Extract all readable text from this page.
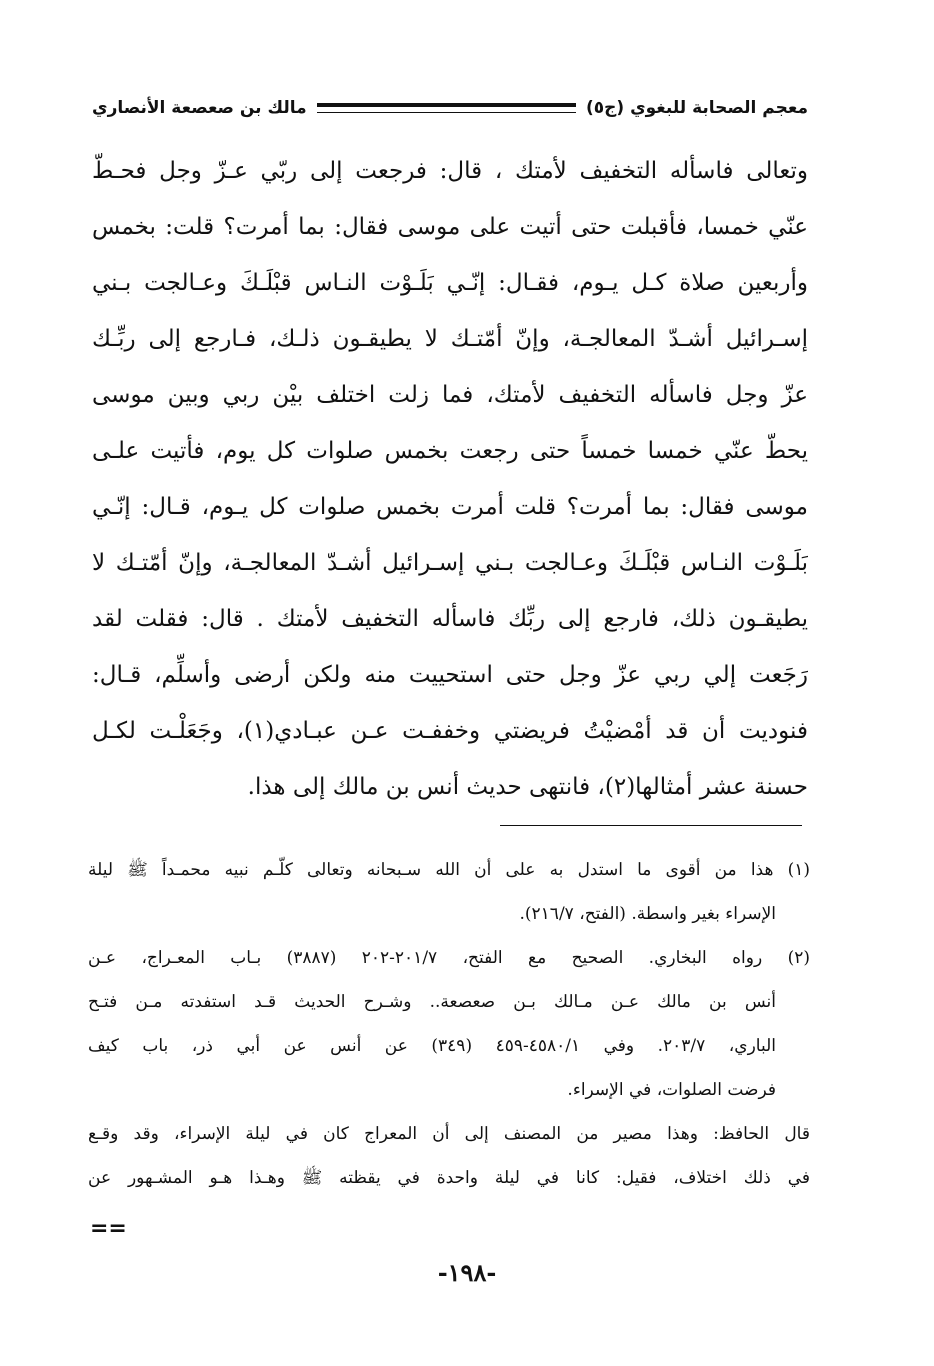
معجم الصحابة للبغوي (ج٥)
مالك بن صعصعة الأنصاري
وتعالى فاسأله التخفيف لأمتك ، قال: فرجعت إلى ربّي عـزّ وجل فحـطّ
عنّي خمسا، فأقبلت حتى أتيت على موسى فقال: بما أمرت؟ قلت: بخمس
وأربعين صلاة كـل يـوم، فقـال: إنّـي بَلَـوْت النـاس قبْلَـكَ وعـالجت بـني
إسـرائيل أشـدّ المعالجـة، وإنّ أمّتـك لا يطيقـون ذلـك، فـارجع إلى ربِّـك
عزّ وجل فاسأله التخفيف لأمتك، فما زلت اختلف بيْن ربي وبين موسى
يحطّ عنّي خمسا خمساً حتى رجعت بخمس صلوات كل يوم، فأتيت علـى
موسى فقال: بما أمرت؟ قلت أمرت بخمس صلوات كل يـوم، قـال: إنّـي
بَلَـوْت النـاس قبْلَـكَ وعـالجت بـني إسـرائيل أشـدّ المعالجـة، وإنّ أمّتـك لا
يطيقـون ذلك، فارجع إلى ربِّك فاسأله التخفيف لأمتك . قال: فقلت لقد
رَجَعت إلي ربي عزّ وجل حتى استحييت منه ولكن أرضى وأسلِّم، قـال:
فنوديت أن قد أمْضيْتُ فريضتي وخففـت عـن عبـادي(١)، وجَعَلْـت لكـل
حسنة عشر أمثالها(٢)، فانتهى حديث أنس بن مالك إلى هذا.
(١) هذا من أقوى ما استدل به على أن الله سـبحانه وتعالى كلّـم نبيه محمـداً ﷺ ليلة
الإسراء بغير واسطة. (الفتح، ٢١٦/٧).
(٢) رواه البخاري. الصحيح مع الفتح، ٢٠١/٧-٢٠٢ (٣٨٨٧) بـاب المعـراج، عـن
أنس بن مالك عـن مـالك بـن صعصعة.. وشـرح الحديث قـد استفدته مـن فتـح
الباري، ٢٠٣/٧. وفي ٤٥٨٠/١-٤٥٩ (٣٤٩) عن أنس عن أبي ذر، باب كيف
فرضت الصلوات، في الإسراء.
قال الحافظ: وهذا مصير من المصنف إلى أن المعراج كان في ليلة الإسراء، وقد وقـع
في ذلك اختلاف، فقيل: كانا في ليلة واحدة في يقظته ﷺ وهـذا هـو المشـهور عن
==
-١٩٨-
